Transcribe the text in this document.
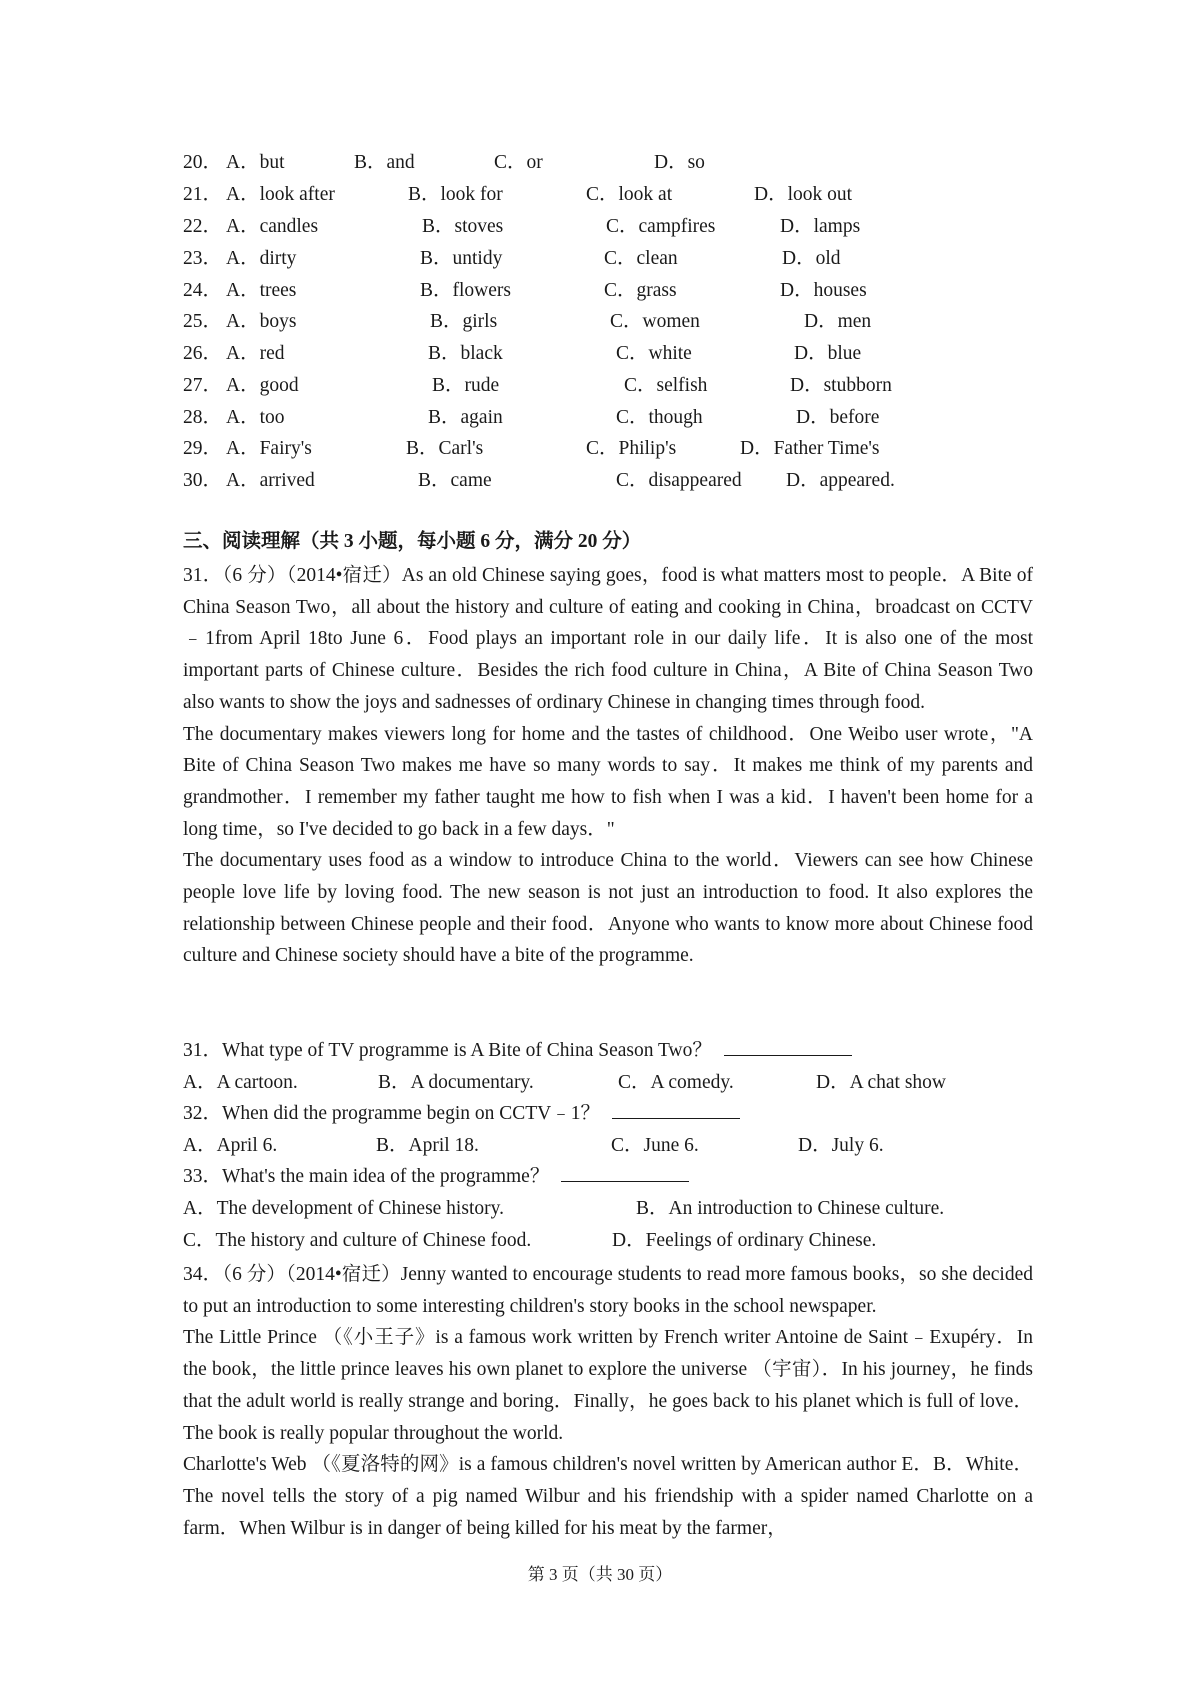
20． A．but	B．and	C．or	D．so
21． A．look after	B．look for	C．look at	D．look out
22． A．candles	B．stoves	C．campfires	D．lamps
23． A．dirty	B．untidy	C．clean	D．old
24． A．trees	B．flowers	C．grass	D．houses
25． A．boys	B．girls	C．women	D．men
26． A．red	B．black	C．white	D．blue
27． A．good	B．rude	C．selfish	D．stubborn
28． A．too	B．again	C．though	D．before
29． A．Fairy's	B．Carl's	C．Philip's	D．Father Time's
30． A．arrived	B．came	C．disappeared D．appeared.
三、阅读理解（共 3 小题，每小题 6 分，满分 20 分）

31．（6 分）（2014•宿迁）As an old Chinese saying goes，food is what matters most to people．A Bite of China Season Two，all about the history and culture of eating and cooking in China，broadcast on CCTV﹣1from April 18to June 6．Food plays an important role in our daily life．It is also one of the most important parts of Chinese culture．Besides the rich food culture in China，A Bite of China Season Two also wants to show the joys and sadnesses of ordinary Chinese in changing times through food.

The documentary makes viewers long for home and the tastes of childhood．One Weibo user wrote，"A Bite of China Season Two makes me have so many words to say．It makes me think of my parents and grandmother．I remember my father taught me how to fish when I was a kid．I haven't been home for a long time，so I've decided to go back in a few days．"

The documentary uses food as a window to introduce China to the world．Viewers can see how Chinese people love life by loving food. The new season is not just an introduction to food. It also explores the relationship between Chinese people and their food．Anyone who wants to know more about Chinese food culture and Chinese society should have a bite of the programme.

31．What type of TV programme is A Bite of China Season Two？
A．A cartoon.	B．A documentary.	C．A comedy.	D．A chat show
32．When did the programme begin on CCTV﹣1？
A．April 6.	B．April 18.	C．June 6.	D．July 6.
33．What's the main idea of the programme？
A．The development of Chinese history.	B．An introduction to Chinese culture.
C．The history and culture of Chinese food.	D．Feelings of ordinary Chinese.

34．（6 分）（2014•宿迁）Jenny wanted to encourage students to read more famous books，so she decided to put an introduction to some interesting children's story books in the school newspaper.

The Little Prince （《小王子》is a famous work written by French writer Antoine de Saint﹣Exupéry．In the book，the little prince leaves his own planet to explore the universe （宇宙）．In his journey，he finds that the adult world is really strange and boring．Finally，he goes back to his planet which is full of love．The book is really popular throughout the world.

Charlotte's Web （《夏洛特的网》is a famous children's novel written by American author E．B．White．The novel tells the story of a pig named Wilbur and his friendship with a spider named Charlotte on a farm．When Wilbur is in danger of being killed for his meat by the farmer，

第 3 页（共 30 页）
